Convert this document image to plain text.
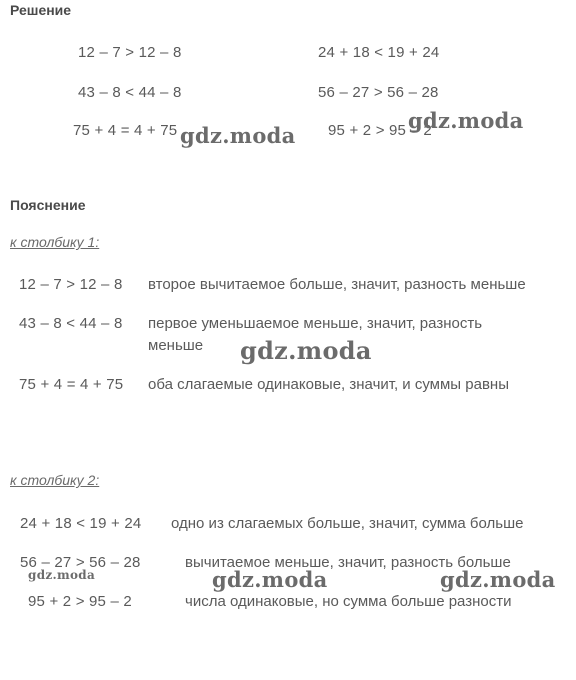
Решение
12 – 7 > 12 – 8	24 + 18 < 19 + 24
43 – 8 < 44 – 8	56 – 27 > 56 – 28
75 + 4 = 4 + 75	95 + 2 > 95 – 2
Пояснение
к столбику 1:
12 – 7 > 12 – 8 второе вычитаемое больше, значит, разность меньше
43 – 8 < 44 – 8 первое уменьшаемое меньше, значит, разность
меньше
75 + 4 = 4 + 75 оба слагаемые одинаковые, значит, и суммы равны
к столбику 2:
24 + 18 < 19 + 24 одно из слагаемых больше, значит, сумма больше
56 – 27 > 56 – 28	вычитаемое меньше, значит, разность больше
95 + 2 > 95 – 2	числа одинаковые, но сумма больше разности
gdz.moda
gdz.moda
gdz.moda
gdz.moda	gdz.moda	gdz.moda
